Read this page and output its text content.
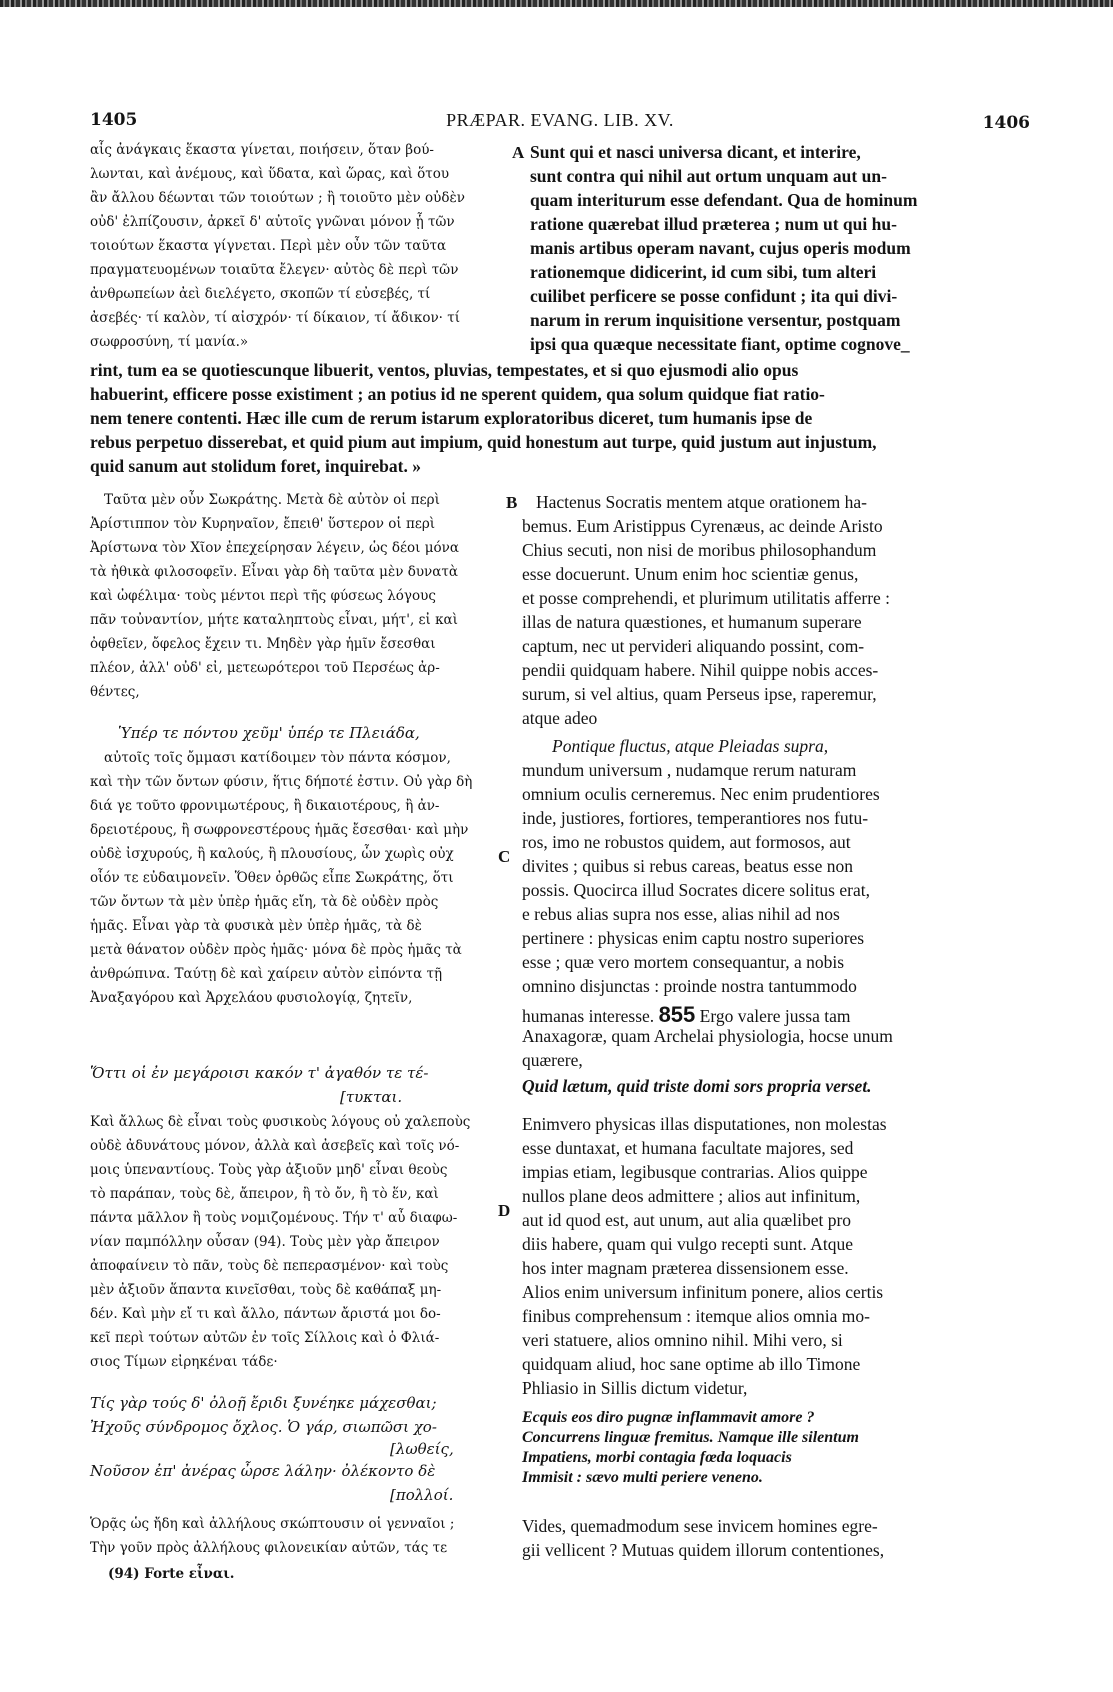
1405	PRÆPAR. EVANG. LIB. XV.	1406
αἷς ἀνάγκαις ἕκαστα γίνεται, ποιήσειν, ὅταν βού-
λωνται, καὶ ἀνέμους, καὶ ὕδατα, καὶ ὥρας, καὶ ὅτου
ἂν ἄλλου δέωνται τῶν τοιούτων ; ἢ τοιοῦτο μὲν οὐδὲν
οὐδ' ἐλπίζουσιν, ἀρκεῖ δ' αὐτοῖς γνῶναι μόνον ᾗ τῶν
τοιούτων ἕκαστα γίγνεται. Περὶ μὲν οὖν τῶν ταῦτα
πραγματευομένων τοιαῦτα ἔλεγεν· αὐτὸς δὲ περὶ τῶν
ἀνθρωπείων ἀεὶ διελέγετο, σκοπῶν τί εὐσεβές, τί
ἀσεβές· τί καλὸν, τί αἰσχρόν· τί δίκαιον, τί ἄδικον· τί
σωφροσύνη, τί μανία.»
A Sunt qui et nasci universa dicant, et interire,
sunt contra qui nihil aut ortum unquam aut un-
quam interiturum esse defendant. Qua de hominum
ratione quærebat illud præterea ; num ut qui hu-
manis artibus operam navant, cujus operis modum
rationemque didicerint, id cum sibi, tum alteri
cuilibet perficere se posse confidunt ; ita qui divi-
narum in rerum inquisitione versentur, postquam
ipsi qua quæque necessitate fiant, optime cognove_
rint, tum ea se quotiescunque libuerit, ventos, pluvias, tempestates, et si quo ejusmodi alio opus
habuerint, efficere posse existiment ; an potius id ne sperent quidem, qua solum quidque fiat ratio-
nem tenere contenti. Hæc ille cum de rerum istarum exploratoribus diceret, tum humanis ipse de
rebus perpetuo disserebat, et quid pium aut impium, quid honestum aut turpe, quid justum aut injustum,
quid sanum aut stolidum foret, inquirebat. »
Ταῦτα μὲν οὖν Σωκράτης. Μετὰ δὲ αὐτὸν οἱ περὶ
Ἀρίστιππον τὸν Κυρηναῖον, ἔπειθ' ὕστερον οἱ περὶ
Ἀρίστωνα τὸν Χῖον ἐπεχείρησαν λέγειν, ὡς δέοι μόνα
τὰ ἠθικὰ φιλοσοφεῖν. Εἶναι γὰρ δὴ ταῦτα μὲν δυνατὰ
καὶ ὠφέλιμα· τοὺς μέντοι περὶ τῆς φύσεως λόγους
πᾶν τοὐναντίον, μήτε καταληπτοὺς εἶναι, μήτ', εἰ καὶ
ὀφθεῖεν, ὄφελος ἔχειν τι. Μηδὲν γὰρ ἡμῖν ἔσεσθαι
πλέον, ἀλλ' οὐδ' εἰ, μετεωρότεροι τοῦ Περσέως ἀρ-
θέντες,
Ὑπέρ τε πόντου χεῦμ' ὑπέρ τε Πλειάδα,
αὐτοῖς τοῖς ὄμμασι κατίδοιμεν τὸν πάντα κόσμον,
καὶ τὴν τῶν ὄντων φύσιν, ἥτις δήποτέ ἐστιν. Οὐ γὰρ δὴ
διά γε τοῦτο φρονιμωτέρους, ἢ δικαιοτέρους, ἢ ἀν-
δρειοτέρους, ἢ σωφρονεστέρους ἡμᾶς ἔσεσθαι· καὶ μὴν
οὐδὲ ἰσχυρούς, ἢ καλούς, ἢ πλουσίους, ὧν χωρὶς οὐχ
οἷόν τε εὐδαιμονεῖν. Ὅθεν ὀρθῶς εἶπε Σωκράτης, ὅτι
τῶν ὄντων τὰ μὲν ὑπὲρ ἡμᾶς εἴη, τὰ δὲ οὐδὲν πρὸς
ἡμᾶς. Εἶναι γὰρ τὰ φυσικὰ μὲν ὑπὲρ ἡμᾶς, τὰ δὲ
μετὰ θάνατον οὐδὲν πρὸς ἡμᾶς· μόνα δὲ πρὸς ἡμᾶς τὰ
ἀνθρώπινα. Ταύτῃ δὲ καὶ χαίρειν αὐτὸν εἰπόντα τῇ
Ἀναξαγόρου καὶ Ἀρχελάου φυσιολογίᾳ, ζητεῖν,
B
C
Hactenus Socratis mentem atque orationem ha-
bemus. Eum Aristippus Cyrenæus, ac deinde Aristo
Chius secuti, non nisi de moribus philosophandum
esse docuerunt. Unum enim hoc scientiæ genus,
et posse comprehendi, et plurimum utilitatis afferre :
illas de natura quæstiones, et humanum superare
captum, nec ut pervideri aliquando possint, com-
pendii quidquam habere. Nihil quippe nobis acces-
surum, si vel altius, quam Perseus ipse, raperemur,
atque adeo
Pontique fluctus, atque Pleiadas supra,
mundum universum , nudamque rerum naturam
omnium oculis cerneremus. Nec enim prudentiores
inde, justiores, fortiores, temperantiores nos futu-
ros, imo ne robustos quidem, aut formosos, aut
divites ; quibus si rebus careas, beatus esse non
possis. Quocirca illud Socrates dicere solitus erat,
e rebus alias supra nos esse, alias nihil ad nos
pertinere : physicas enim captu nostro superiores
esse ; quæ vero mortem consequantur, a nobis
omnino disjunctas : proinde nostra tantummodo
humanas interesse. 855 Ergo valere jussa tam
Anaxagoræ, quam Archelai physiologia, hocse unum
quærere,
Quid lætum, quid triste domi sors propria verset.
Ὅττι οἱ ἐν μεγάροισι κακόν τ' ἀγαθόν τε τέ-
[τυκται.
Καὶ ἄλλως δὲ εἶναι τοὺς φυσικοὺς λόγους οὐ χαλεποὺς
οὐδὲ ἀδυνάτους μόνον, ἀλλὰ καὶ ἀσεβεῖς καὶ τοῖς νό-
μοις ὑπεναντίους. Τοὺς γὰρ ἀξιοῦν μηδ' εἶναι θεοὺς
τὸ παράπαν, τοὺς δὲ, ἄπειρον, ἢ τὸ ὄν, ἢ τὸ ἕν, καὶ
πάντα μᾶλλον ἢ τοὺς νομιζομένους. Τήν τ' αὖ διαφω-
νίαν παμπόλλην οὖσαν (94). Τοὺς μὲν γὰρ ἄπειρον
ἀποφαίνειν τὸ πᾶν, τοὺς δὲ πεπερασμένον· καὶ τοὺς
μὲν ἀξιοῦν ἅπαντα κινεῖσθαι, τοὺς δὲ καθάπαξ μη-
δέν. Καὶ μὴν εἴ τι καὶ ἄλλο, πάντων ἄριστά μοι δο-
κεῖ περὶ τούτων αὐτῶν ἐν τοῖς Σίλλοις καὶ ὁ Φλιά-
σιος Τίμων εἰρηκέναι τάδε·
D
Τίς γὰρ τούς δ' ὀλοῇ ἔριδι ξυνέηκε μάχεσθαι;
Ἠχοῦς σύνδρομος ὄχλος. Ὁ γάρ, σιωπῶσι χο-
[λωθείς,
Νοῦσον ἐπ' ἀνέρας ὦρσε λάλην· ὀλέκοντο δὲ
[πολλοί.
Ὁρᾷς ὡς ἤδη καὶ ἀλλήλους σκώπτουσιν οἱ γενναῖοι ;
Τὴν γοῦν πρὸς ἀλλήλους φιλονεικίαν αὐτῶν, τάς τε
(94) Forte εἶναι.
Enimvero physicas illas disputationes, non molestas
esse duntaxat, et humana facultate majores, sed
impias etiam, legibusque contrarias. Alios quippe
nullos plane deos admittere ; alios aut infinitum,
aut id quod est, aut unum, aut alia quælibet pro
diis habere, quam qui vulgo recepti sunt. Atque
hos inter magnam præterea dissensionem esse.
Alios enim universum infinitum ponere, alios certis
finibus comprehensum : itemque alios omnia mo-
veri statuere, alios omnino nihil. Mihi vero, si
quidquam aliud, hoc sane optime ab illo Timone
Phliasio in Sillis dictum videtur,
Ecquis eos diro pugnæ inflammavit amore ?
Concurrens linguæ fremitus. Namque ille silentum
Impatiens, morbi contagia fœda loquacis
Immisit : sævo multi periere veneno.
Vides, quemadmodum sese invicem homines egre-
gii vellicent ? Mutuas quidem illorum contentiones,
